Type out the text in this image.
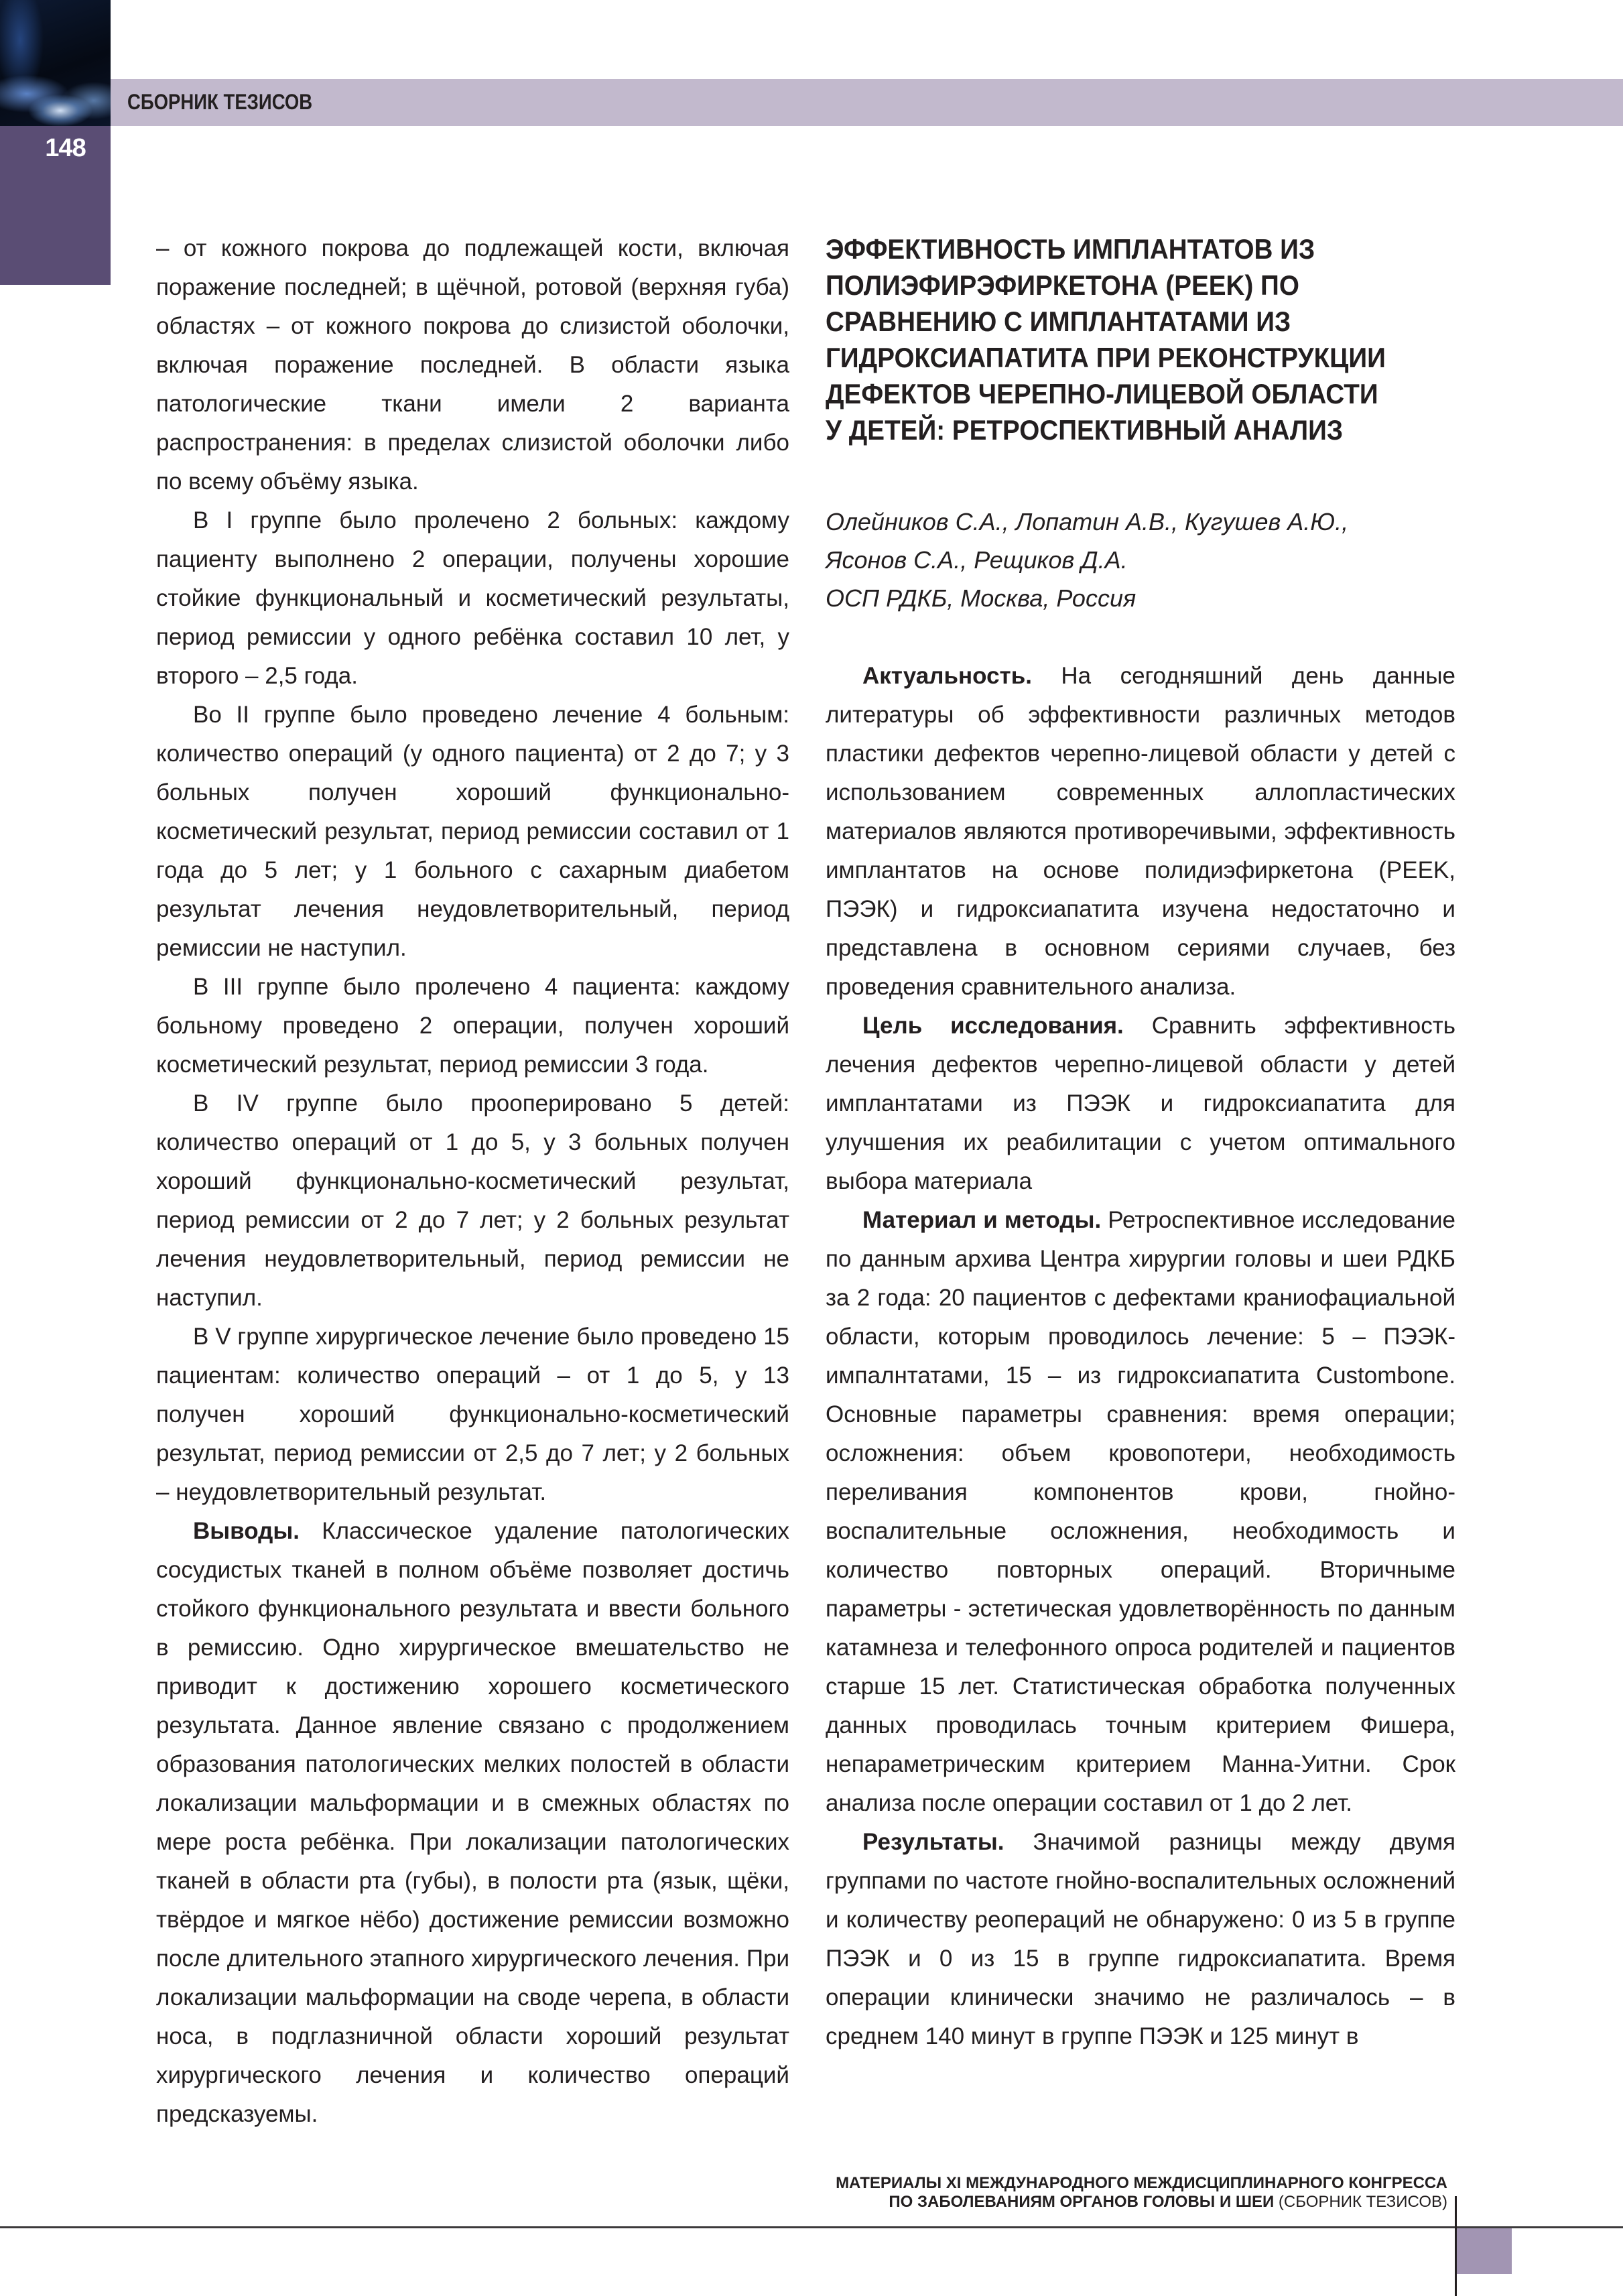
148
СБОРНИК ТЕЗИСОВ

– от кожного покрова до подлежащей кости, включая поражение последней; в щёчной, ротовой (верхняя губа) областях – от кожного покрова до слизистой оболочки, включая поражение последней. В области языка патологические ткани имели 2 варианта распространения: в пределах слизистой оболочки либо по всему объёму языка.

В I группе было пролечено 2 больных: каждому пациенту выполнено 2 операции, получены хорошие стойкие функциональный и косметический результаты, период ремиссии у одного ребёнка составил 10 лет, у второго – 2,5 года.

Во II группе было проведено лечение 4 больным: количество операций (у одного пациента) от 2 до 7; у 3 больных получен хороший функционально-косметический результат, период ремиссии составил от 1 года до 5 лет; у 1 больного с сахарным диабетом результат лечения неудовлетворительный, период ремиссии не наступил.

В III группе было пролечено 4 пациента: каждому больному проведено 2 операции, получен хороший косметический результат, период ремиссии 3 года.

В IV группе было прооперировано 5 детей: количество операций от 1 до 5, у 3 больных получен хороший функционально-косметический результат, период ремиссии от 2 до 7 лет; у 2 больных результат лечения неудовлетворительный, период ремиссии не наступил.

В V группе хирургическое лечение было проведено 15 пациентам: количество операций – от 1 до 5, у 13 получен хороший функционально-косметический результат, период ремиссии от 2,5 до 7 лет; у 2 больных – неудовлетворительный результат.

Выводы. Классическое удаление патологических сосудистых тканей в полном объёме позволяет достичь стойкого функционального результата и ввести больного в ремиссию. Одно хирургическое вмешательство не приводит к достижению хорошего косметического результата. Данное явление связано с продолжением образования патологических мелких полостей в области локализации мальформации и в смежных областях по мере роста ребёнка. При локализации патологических тканей в области рта (губы), в полости рта (язык, щёки, твёрдое и мягкое нёбо) достижение ремиссии возможно после длительного этапного хирургического лечения. При локализации мальформации на своде черепа, в области носа, в подглазничной области хороший результат хирургического лечения и количество операций предсказуемы.

ЭФФЕКТИВНОСТЬ ИМПЛАНТАТОВ ИЗ
ПОЛИЭФИРЭФИРКЕТОНА (PEEK) ПО
СРАВНЕНИЮ С ИМПЛАНТАТАМИ ИЗ
ГИДРОКСИАПАТИТА ПРИ РЕКОНСТРУКЦИИ
ДЕФЕКТОВ ЧЕРЕПНО-ЛИЦЕВОЙ ОБЛАСТИ
У ДЕТЕЙ: РЕТРОСПЕКТИВНЫЙ АНАЛИЗ
Олейников С.А., Лопатин А.В., Кугушев А.Ю.,
Ясонов С.А., Рещиков Д.А.
ОСП РДКБ, Москва, Россия

Актуальность. На сегодняшний день данные литературы об эффективности различных методов пластики дефектов черепно-лицевой области у детей с использованием современных аллопластических материалов являются противоречивыми, эффективность имплантатов на основе полидиэфиркетона (PEEK, ПЭЭК) и гидроксиапатита изучена недостаточно и представлена в основном сериями случаев, без проведения сравнительного анализа.

Цель исследования. Сравнить эффективность лечения дефектов черепно-лицевой области у детей имплантатами из ПЭЭК и гидроксиапатита для улучшения их реабилитации с учетом оптимального выбора материала

Материал и методы. Ретроспективное исследование по данным архива Центра хирургии головы и шеи РДКБ за 2 года: 20 пациентов с дефектами краниофациальной области, которым проводилось лечение: 5 – ПЭЭК-импалнтатами, 15 – из гидроксиапатита Custombone. Основные параметры сравнения: время операции; осложнения: объем кровопотери, необходимость переливания компонентов крови, гнойно-воспалительные осложнения, необходимость и количество повторных операций. Вторичныме параметры - эстетическая удовлетворённость по данным катамнеза и телефонного опроса родителей и пациентов старше 15 лет. Статистическая обработка полученных данных проводилась точным критерием Фишера, непараметрическим критерием Манна-Уитни. Срок анализа после операции составил от 1 до 2 лет.

Результаты. Значимой разницы между двумя группами по частоте гнойно-воспалительных осложнений и количеству реопераций не обнаружено: 0 из 5 в группе ПЭЭК и 0 из 15 в группе гидроксиапатита. Время операции клинически значимо не различалось – в среднем 140 минут в группе ПЭЭК и 125 минут в

МАТЕРИАЛЫ XI МЕЖДУНАРОДНОГО МЕЖДИСЦИПЛИНАРНОГО КОНГРЕССА
ПО ЗАБОЛЕВАНИЯМ ОРГАНОВ ГОЛОВЫ И ШЕИ (СБОРНИК ТЕЗИСОВ)
